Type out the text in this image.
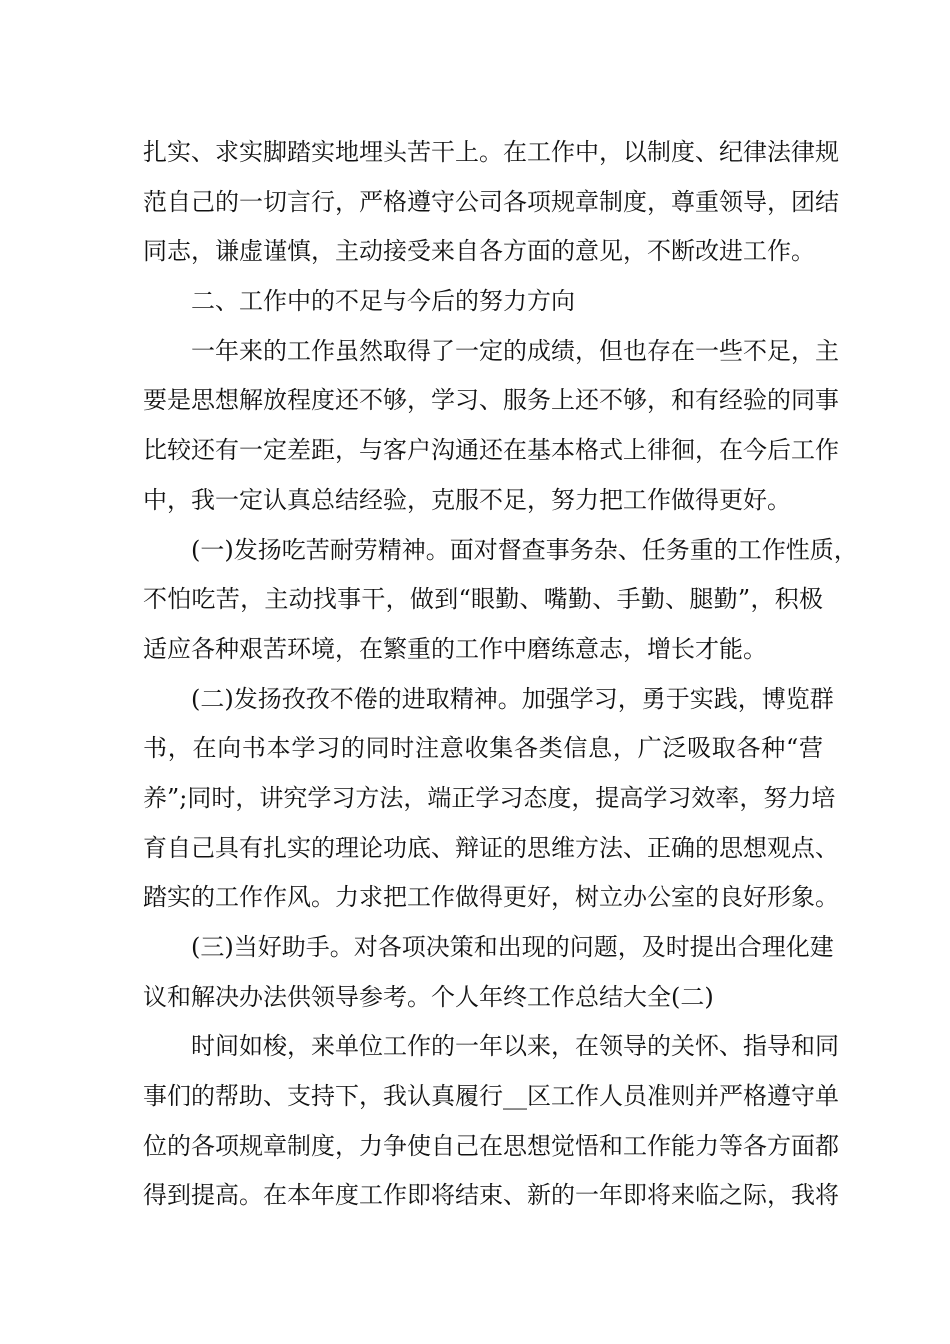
扎实、求实脚踏实地埋头苦干上。在工作中，以制度、纪律法律规
范自己的一切言行，严格遵守公司各项规章制度，尊重领导，团结
同志，谦虚谨慎，主动接受来自各方面的意见，不断改进工作。
二、工作中的不足与今后的努力方向
一年来的工作虽然取得了一定的成绩，但也存在一些不足，主
要是思想解放程度还不够，学习、服务上还不够，和有经验的同事
比较还有一定差距，与客户沟通还在基本格式上徘徊，在今后工作
中，我一定认真总结经验，克服不足，努力把工作做得更好。
(一)发扬吃苦耐劳精神。面对督查事务杂、任务重的工作性质，
不怕吃苦，主动找事干，做到“眼勤、嘴勤、手勤、腿勤”，积极
适应各种艰苦环境，在繁重的工作中磨练意志，增长才能。
(二)发扬孜孜不倦的进取精神。加强学习，勇于实践，博览群
书，在向书本学习的同时注意收集各类信息，广泛吸取各种“营
养”;同时，讲究学习方法，端正学习态度，提高学习效率，努力培
育自己具有扎实的理论功底、辩证的思维方法、正确的思想观点、
踏实的工作作风。力求把工作做得更好，树立办公室的良好形象。
(三)当好助手。对各项决策和出现的问题，及时提出合理化建
议和解决办法供领导参考。个人年终工作总结大全(二)
时间如梭，来单位工作的一年以来，在领导的关怀、指导和同
事们的帮助、支持下，我认真履行__区工作人员准则并严格遵守单
位的各项规章制度，力争使自己在思想觉悟和工作能力等各方面都
得到提高。在本年度工作即将结束、新的一年即将来临之际，我将
